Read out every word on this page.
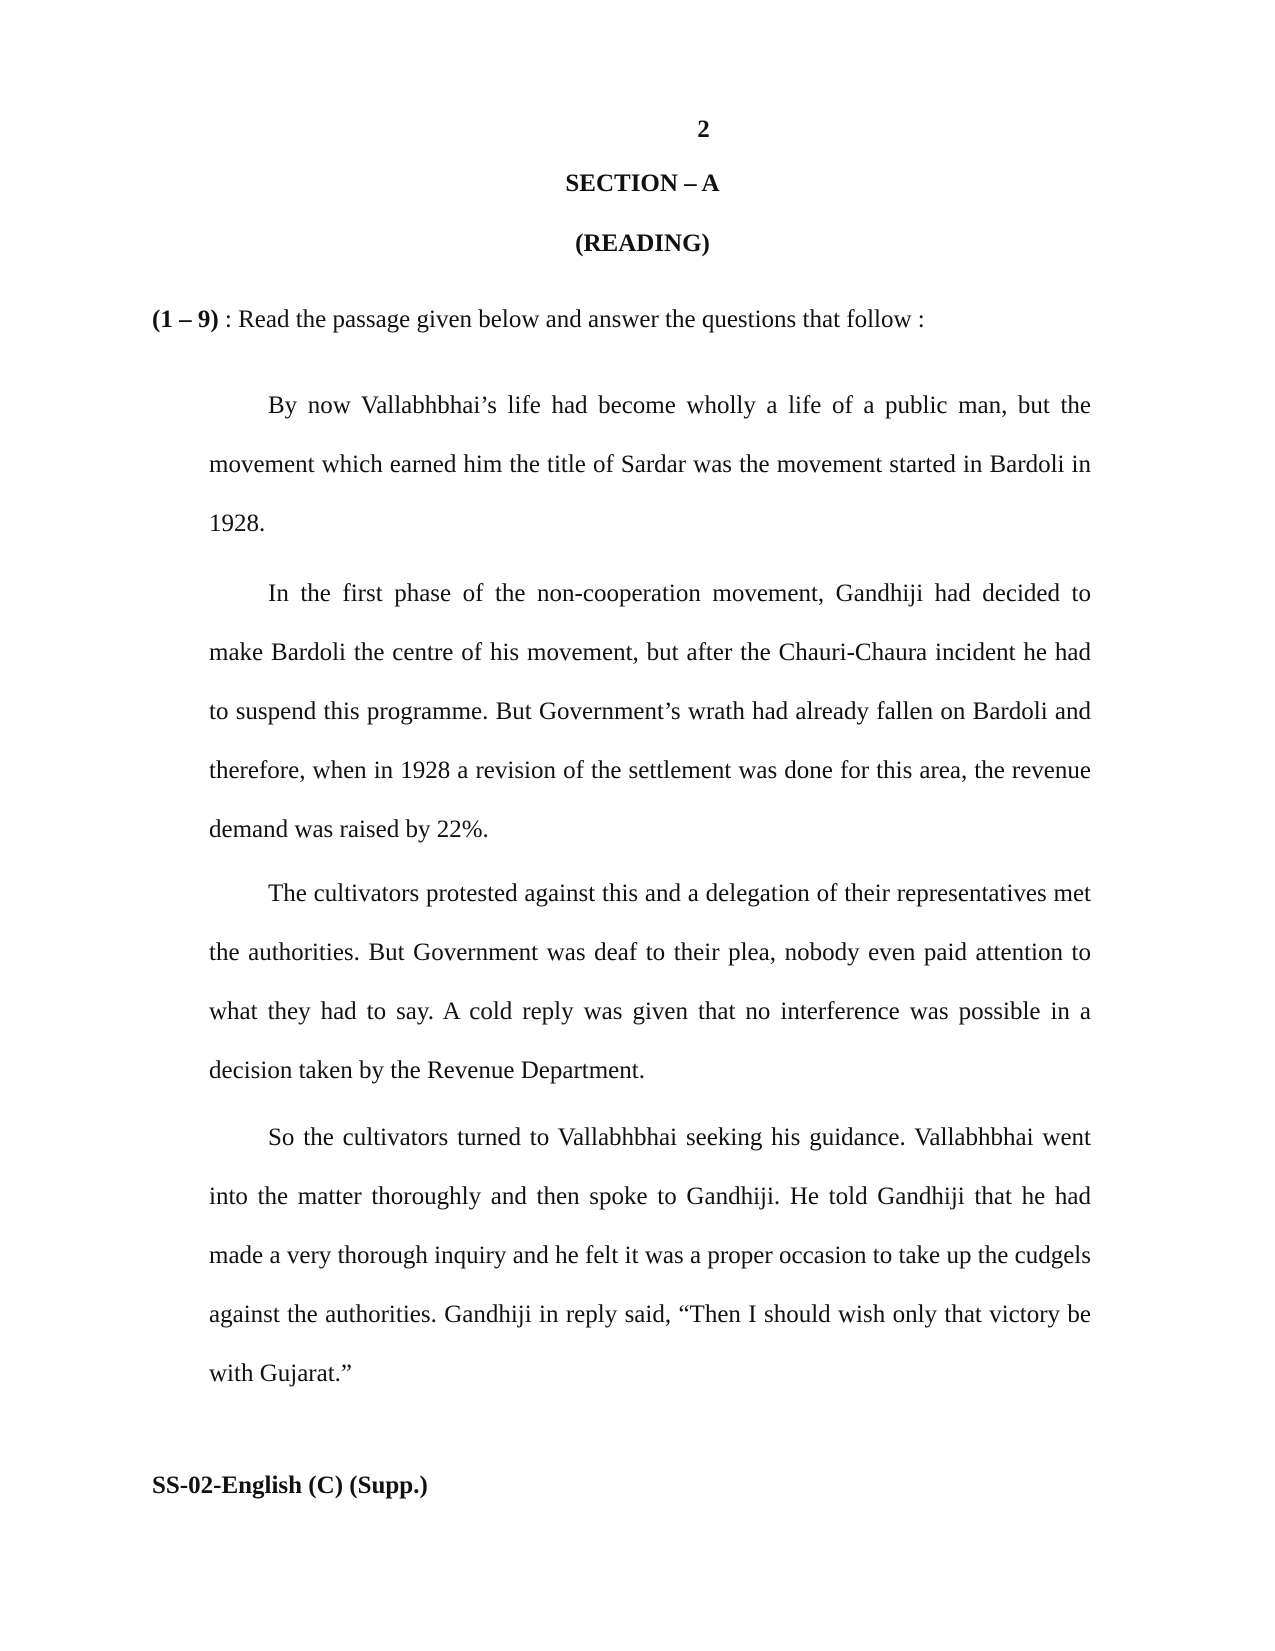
2
SECTION – A
(READING)
(1 – 9) : Read the passage given below and answer the questions that follow :

By now Vallabhbhai’s life had become wholly a life of a public man, but the movement which earned him the title of Sardar was the movement started in Bardoli in 1928.

In the first phase of the non-cooperation movement, Gandhiji had decided to make Bardoli the centre of his movement, but after the Chauri-Chaura incident he had to suspend this programme. But Government’s wrath had already fallen on Bardoli and therefore, when in 1928 a revision of the settlement was done for this area, the revenue demand was raised by 22%.

The cultivators protested against this and a delegation of their representatives met the authorities. But Government was deaf to their plea, nobody even paid attention to what they had to say. A cold reply was given that no interference was possible in a decision taken by the Revenue Department.

So the cultivators turned to Vallabhbhai seeking his guidance. Vallabhbhai went into the matter thoroughly and then spoke to Gandhiji. He told Gandhiji that he had made a very thorough inquiry and he felt it was a proper occasion to take up the cudgels against the authorities. Gandhiji in reply said, “Then I should wish only that victory be with Gujarat.”

SS-02-English (C) (Supp.)
